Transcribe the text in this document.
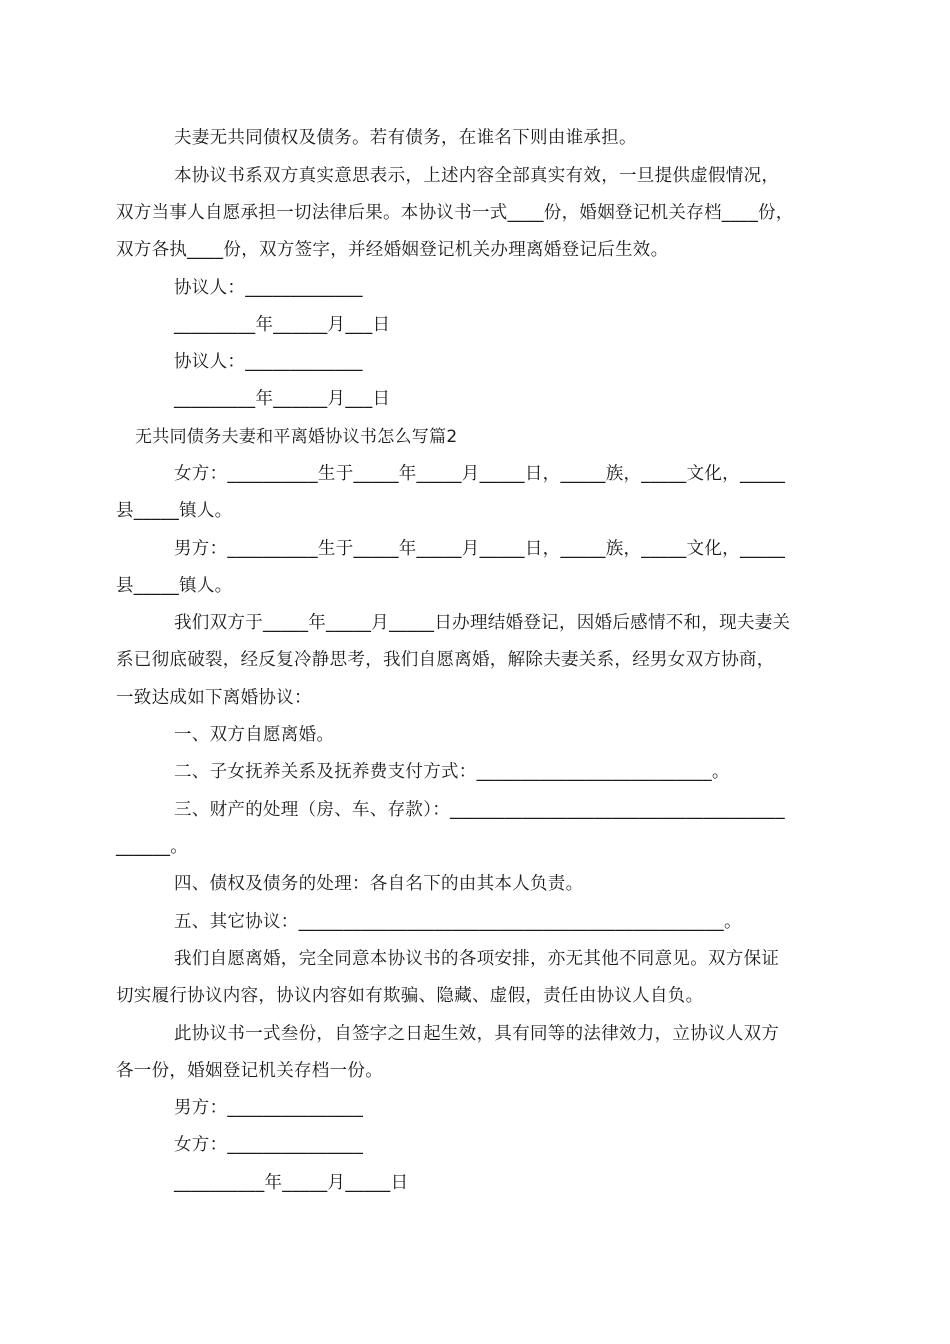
夫妻无共同债权及债务。若有债务，在谁名下则由谁承担。
本协议书系双方真实意思表示，上述内容全部真实有效，一旦提供虚假情况，
双方当事人自愿承担一切法律后果。本协议书一式____份，婚姻登记机关存档____份，
双方各执____份，双方签字，并经婚姻登记机关办理离婚登记后生效。
协议人：_____________
_________年______月___日
协议人：_____________
_________年______月___日
无共同债务夫妻和平离婚协议书怎么写篇2
女方：__________生于_____年_____月_____日，_____族，_____文化，_____
县_____镇人。
男方：__________生于_____年_____月_____日，_____族，_____文化，_____
县_____镇人。
我们双方于_____年_____月_____日办理结婚登记，因婚后感情不和，现夫妻关
系已彻底破裂，经反复冷静思考，我们自愿离婚，解除夫妻关系，经男女双方协商，
一致达成如下离婚协议：
一、双方自愿离婚。
二、子女抚养关系及抚养费支付方式：__________________________。
三、财产的处理（房、车、存款）：_____________________________________
______。
四、债权及债务的处理：各自名下的由其本人负责。
五、其它协议：_______________________________________________。
我们自愿离婚，完全同意本协议书的各项安排，亦无其他不同意见。双方保证
切实履行协议内容，协议内容如有欺骗、隐藏、虚假，责任由协议人自负。
此协议书一式叁份，自签字之日起生效，具有同等的法律效力，立协议人双方
各一份，婚姻登记机关存档一份。
男方：_______________
女方：_______________
__________年_____月_____日
